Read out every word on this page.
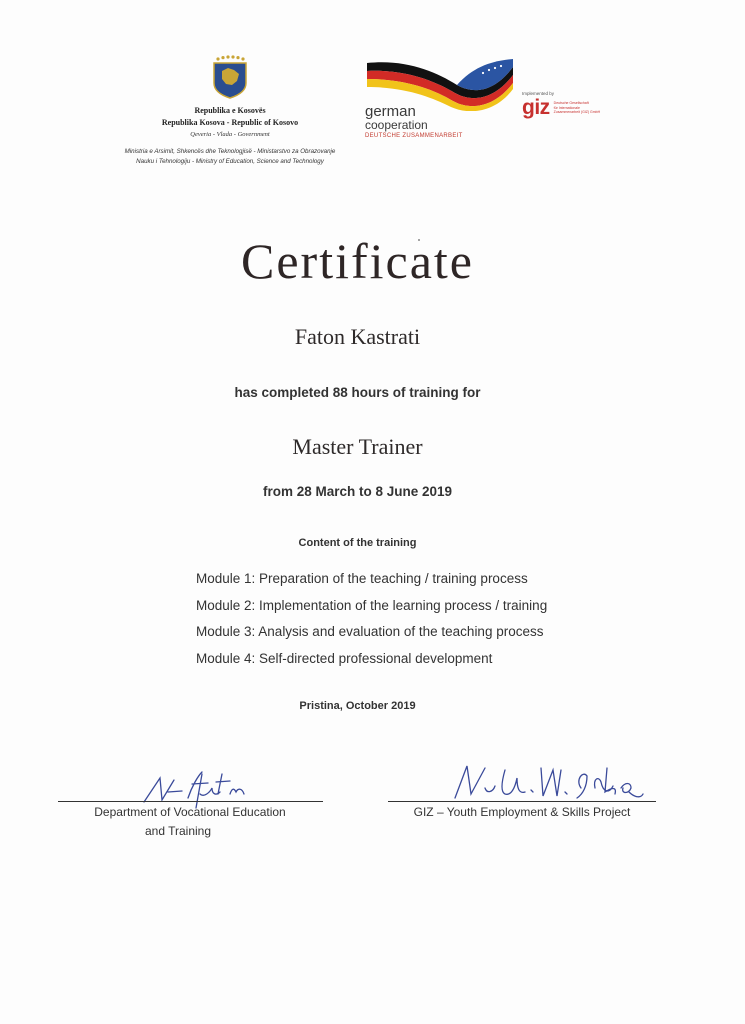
Republika e Kosovës
Republika Kosova - Republic of Kosovo
Qeveria - Vlada - Government
Ministria e Arsimit, Shkencës dhe Teknologjisë - Ministarstvo za Obrazovanje
Nauku i Tehnologiju - Ministry of Education, Science and Technology
german
cooperation
DEUTSCHE ZUSAMMENARBEIT
Implemented by
giz Deutsche Gesellschaft
für Internationale
Zusammenarbeit (GIZ) GmbH
Certificate
Faton Kastrati
has completed 88 hours of training for
Master Trainer
from 28 March to 8 June 2019
Content of the training
Module 1: Preparation of the teaching / training process
Module 2: Implementation of the learning process / training
Module 3: Analysis and evaluation of the teaching process
Module 4: Self-directed professional development
Pristina, October 2019
Department of Vocational Education
and Training
GIZ – Youth Employment & Skills Project
